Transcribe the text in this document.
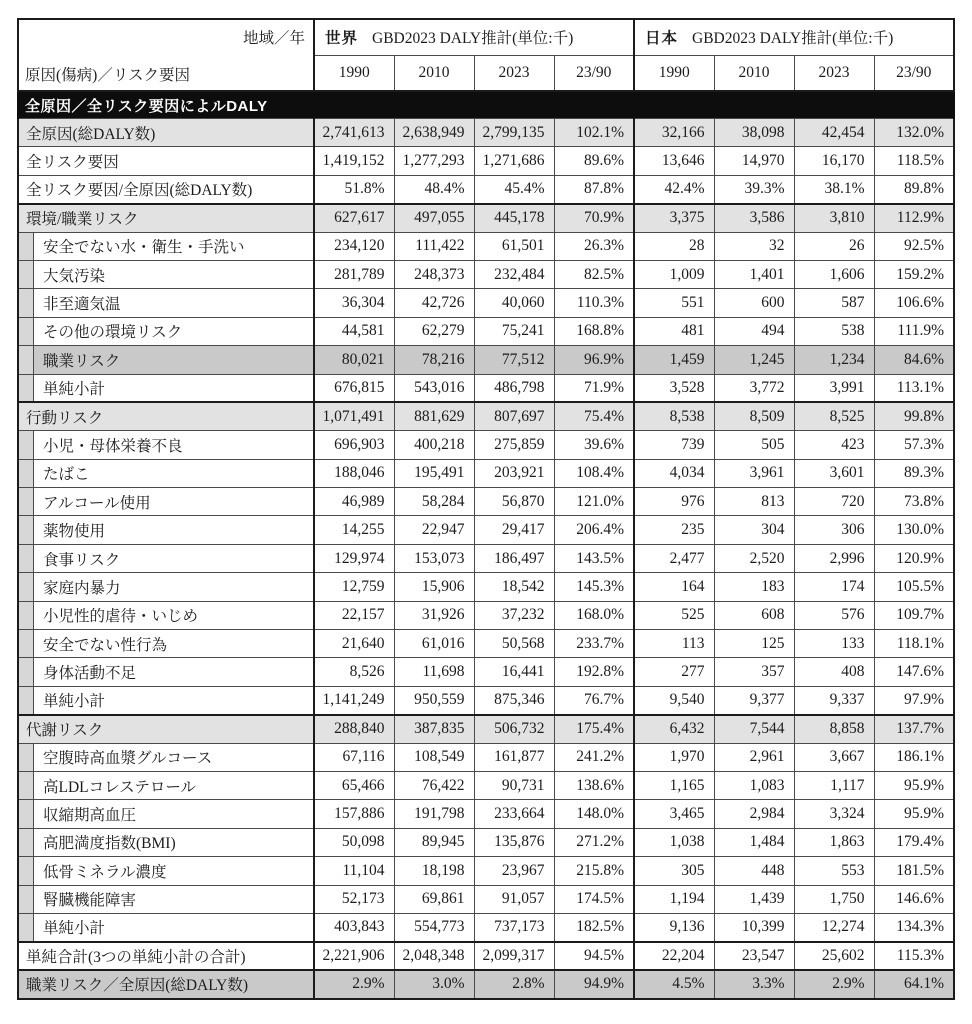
地域／年
原因(傷病)／リスク要因	世界 GBD2023 DALY推計(単位:千)				日本 GBD2023 DALY推計(単位:千)			
	1990	2010	2023	23/90	1990	2010	2023	23/90
全原因／全リスク要因によルDALY								
全原因(総DALY数)	2,741,613	2,638,949	2,799,135	102.1%	32,166	38,098	42,454	132.0%
全リスク要因	1,419,152	1,277,293	1,271,686	89.6%	13,646	14,970	16,170	118.5%
全リスク要因/全原因(総DALY数)	51.8%	48.4%	45.4%	87.8%	42.4%	39.3%	38.1%	89.8%
環境/職業リスク	627,617	497,055	445,178	70.9%	3,375	3,586	3,810	112.9%

安全でない水・衛生・手洗い	234,120	111,422	61,501	26.3%	28	32	26	92.5%

大気汚染	281,789	248,373	232,484	82.5%	1,009	1,401	1,606	159.2%

非至適気温	36,304	42,726	40,060	110.3%	551	600	587	106.6%

その他の環境リスク	44,581	62,279	75,241	168.8%	481	494	538	111.9%

職業リスク	80,021	78,216	77,512	96.9%	1,459	1,245	1,234	84.6%

単純小計	676,815	543,016	486,798	71.9%	3,528	3,772	3,991	113.1%
行動リスク	1,071,491	881,629	807,697	75.4%	8,538	8,509	8,525	99.8%

小児・母体栄養不良	696,903	400,218	275,859	39.6%	739	505	423	57.3%

たばこ	188,046	195,491	203,921	108.4%	4,034	3,961	3,601	89.3%

アルコール使用	46,989	58,284	56,870	121.0%	976	813	720	73.8%

薬物使用	14,255	22,947	29,417	206.4%	235	304	306	130.0%

食事リスク	129,974	153,073	186,497	143.5%	2,477	2,520	2,996	120.9%

家庭内暴力	12,759	15,906	18,542	145.3%	164	183	174	105.5%

小児性的虐待・いじめ	22,157	31,926	37,232	168.0%	525	608	576	109.7%

安全でない性行為	21,640	61,016	50,568	233.7%	113	125	133	118.1%

身体活動不足	8,526	11,698	16,441	192.8%	277	357	408	147.6%

単純小計	1,141,249	950,559	875,346	76.7%	9,540	9,377	9,337	97.9%
代謝リスク	288,840	387,835	506,732	175.4%	6,432	7,544	8,858	137.7%

空腹時高血漿グルコース	67,116	108,549	161,877	241.2%	1,970	2,961	3,667	186.1%

高LDLコレステロール	65,466	76,422	90,731	138.6%	1,165	1,083	1,117	95.9%

収縮期高血圧	157,886	191,798	233,664	148.0%	3,465	2,984	3,324	95.9%

高肥満度指数(BMI)	50,098	89,945	135,876	271.2%	1,038	1,484	1,863	179.4%

低骨ミネラル濃度	11,104	18,198	23,967	215.8%	305	448	553	181.5%

腎臓機能障害	52,173	69,861	91,057	174.5%	1,194	1,439	1,750	146.6%

単純小計	403,843	554,773	737,173	182.5%	9,136	10,399	12,274	134.3%
単純合計(3つの単純小計の合計)	2,221,906	2,048,348	2,099,317	94.5%	22,204	23,547	25,602	115.3%
職業リスク／全原因(総DALY数)	2.9%	3.0%	2.8%	94.9%	4.5%	3.3%	2.9%	64.1%
